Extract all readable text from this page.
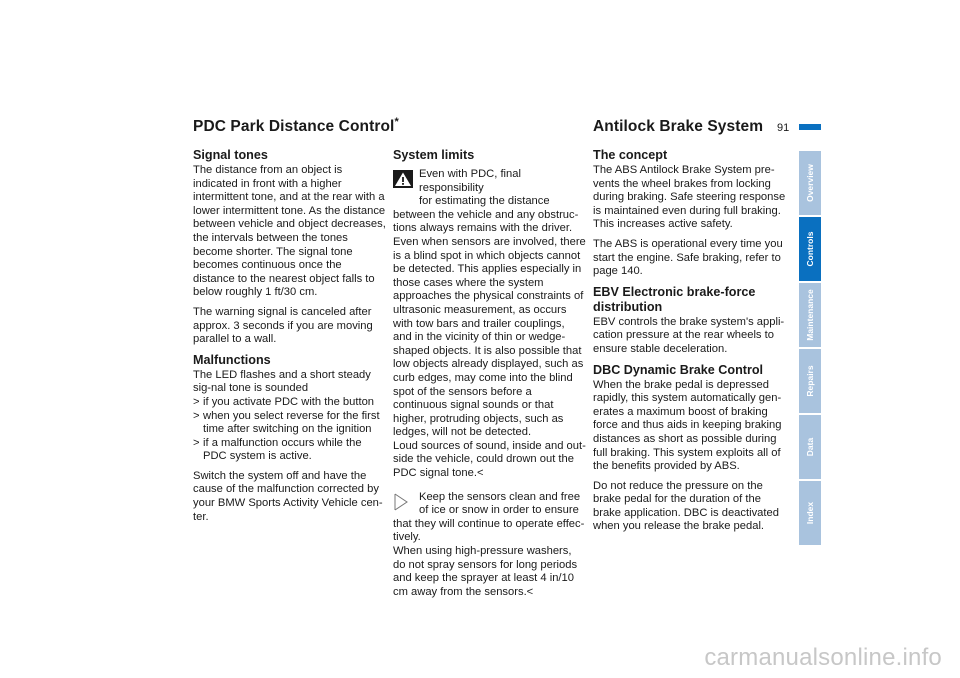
PDC Park Distance Control*	Antilock Brake System 91
Signal tones

The distance from an object is indicated in front with a higher intermittent tone, and at the rear with a lower intermittent tone. As the distance between vehicle and object decreases, the intervals between the tones become shorter. The signal tone becomes continuous once the distance to the nearest object falls to below roughly 1 ft/30 cm.

The warning signal is canceled after approx. 3 seconds if you are moving parallel to a wall.

Malfunctions

The LED flashes and a short steady sig-nal tone is sounded

> if you activate PDC with the button
> when you select reverse for the first time after switching on the ignition
> if a malfunction occurs while the PDC system is active.

Switch the system off and have the cause of the malfunction corrected by your BMW Sports Activity Vehicle cen-ter.

System limits
Even with PDC, final responsibility
for estimating the distance
between the vehicle and any obstruc-tions always remains with the driver. Even when sensors are involved, there is a blind spot in which objects cannot be detected. This applies especially in those cases where the system approaches the physical constraints of ultrasonic measurement, as occurs with tow bars and trailer couplings, and in the vicinity of thin or wedge-shaped objects. It is also possible that low objects already displayed, such as curb edges, may come into the blind spot of the sensors before a continuous signal sounds or that higher, protruding objects, such as ledges, will not be detected.
Loud sources of sound, inside and out-side the vehicle, could drown out the PDC signal tone.<
Keep the sensors clean and free
of ice or snow in order to ensure
that they will continue to operate effec-tively.
When using high-pressure washers, do not spray sensors for long periods and keep the sprayer at least 4 in/10 cm away from the sensors.<
The concept

The ABS Antilock Brake System pre-vents the wheel brakes from locking during braking. Safe steering response is maintained even during full braking. This increases active safety.

The ABS is operational every time you start the engine. Safe braking, refer to page 140.

EBV Electronic brake-force distribution

EBV controls the brake system's appli-cation pressure at the rear wheels to ensure stable deceleration.

DBC Dynamic Brake Control

When the brake pedal is depressed rapidly, this system automatically gen-erates a maximum boost of braking force and thus aids in keeping braking distances as short as possible during full braking. This system exploits all of the benefits provided by ABS.

Do not reduce the pressure on the brake pedal for the duration of the brake application. DBC is deactivated when you release the brake pedal.

Overview
Controls
Maintenance
Repairs
Data
Index
carmanualsonline.info
